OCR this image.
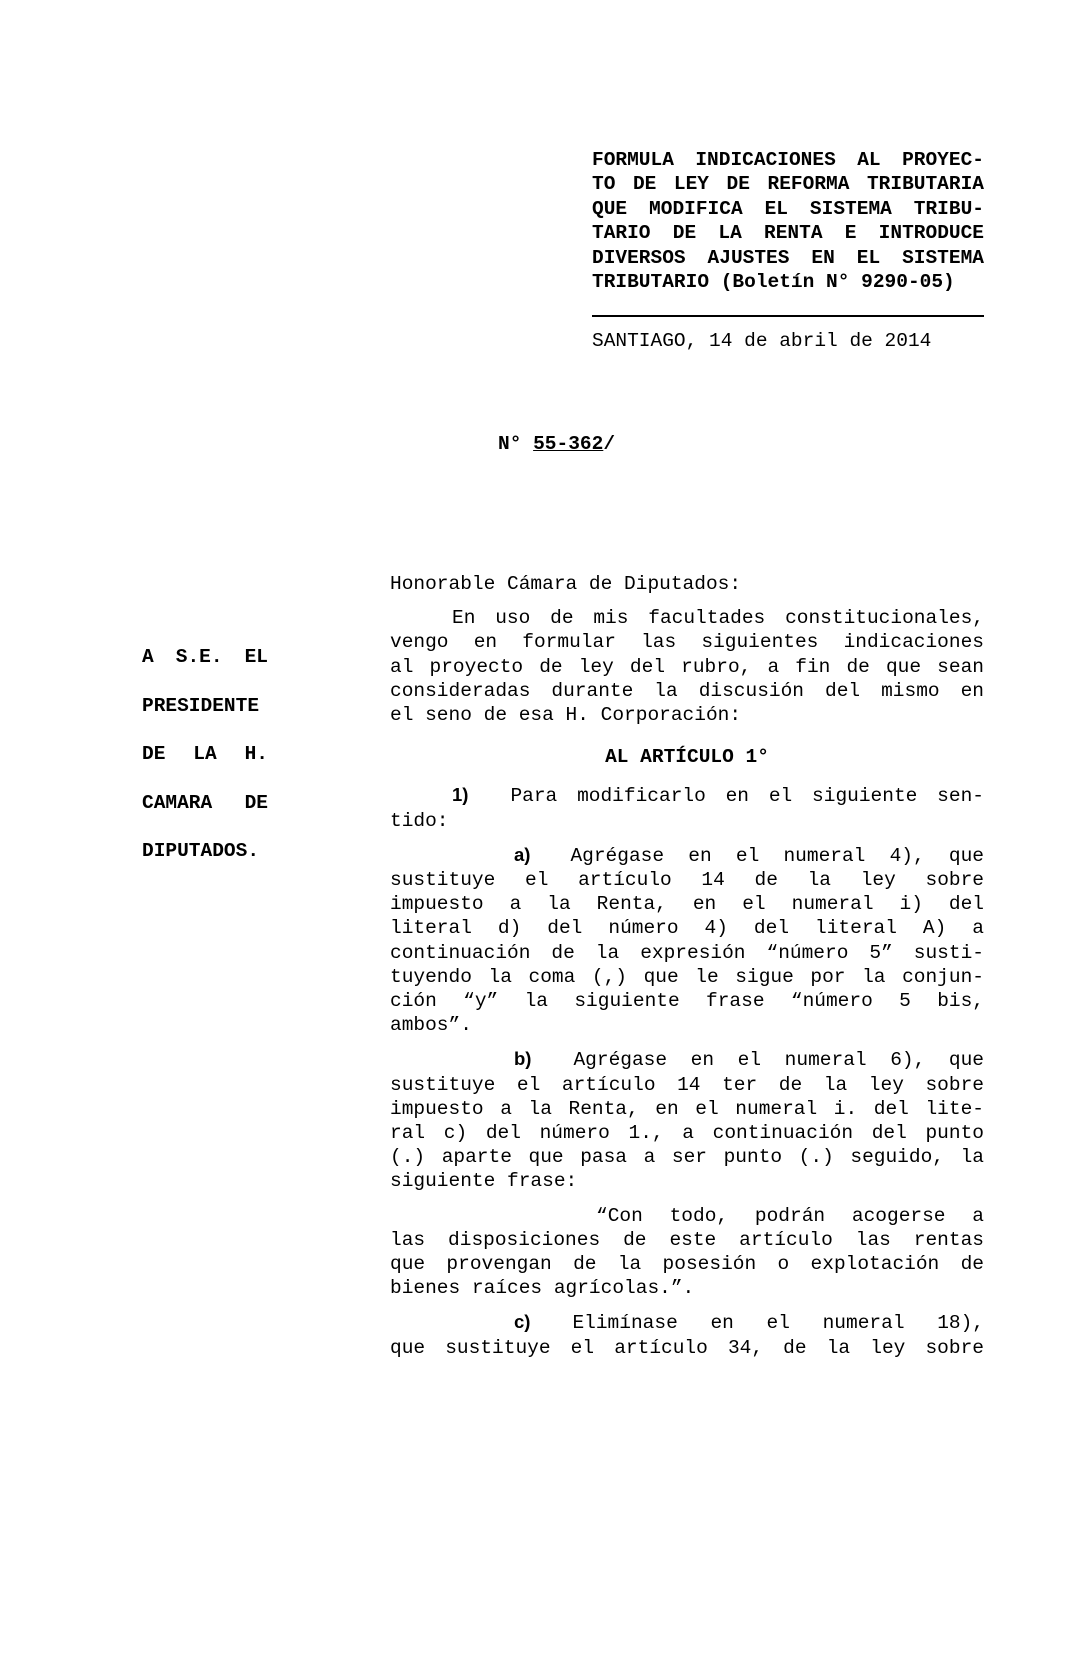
FORMULA INDICACIONES AL PROYEC-
TO DE LEY DE REFORMA TRIBUTARIA
QUE MODIFICA EL SISTEMA TRIBU-
TARIO DE LA RENTA E INTRODUCE
DIVERSOS AJUSTES EN EL SISTEMA
TRIBUTARIO (Boletín N° 9290-05)
SANTIAGO, 14 de abril de 2014
N° 55-362/
A S.E. EL
PRESIDENTE
DE LA H.
CAMARA DE
DIPUTADOS.
Honorable Cámara de Diputados:
En uso de mis facultades constitucionales,
vengo en formular las siguientes indicaciones
al proyecto de ley del rubro, a fin de que sean
consideradas durante la discusión del mismo en
el seno de esa H. Corporación:
AL ARTÍCULO 1°
1) Para modificarlo en el siguiente sen-
tido:
a) Agrégase en el numeral 4), que
sustituye el artículo 14 de la ley sobre
impuesto a la Renta, en el numeral i) del
literal d) del número 4) del literal A) a
continuación de la expresión “número 5” susti-
tuyendo la coma (,) que le sigue por la conjun-
ción “y” la siguiente frase “número 5 bis,
ambos”.
b) Agrégase en el numeral 6), que
sustituye el artículo 14 ter de la ley sobre
impuesto a la Renta, en el numeral i. del lite-
ral c) del número 1., a continuación del punto
(.) aparte que pasa a ser punto (.) seguido, la
siguiente frase:
“Con todo, podrán acogerse a
las disposiciones de este artículo las rentas
que provengan de la posesión o explotación de
bienes raíces agrícolas.”.
c) Elimínase en el numeral 18),
que sustituye el artículo 34, de la ley sobre
